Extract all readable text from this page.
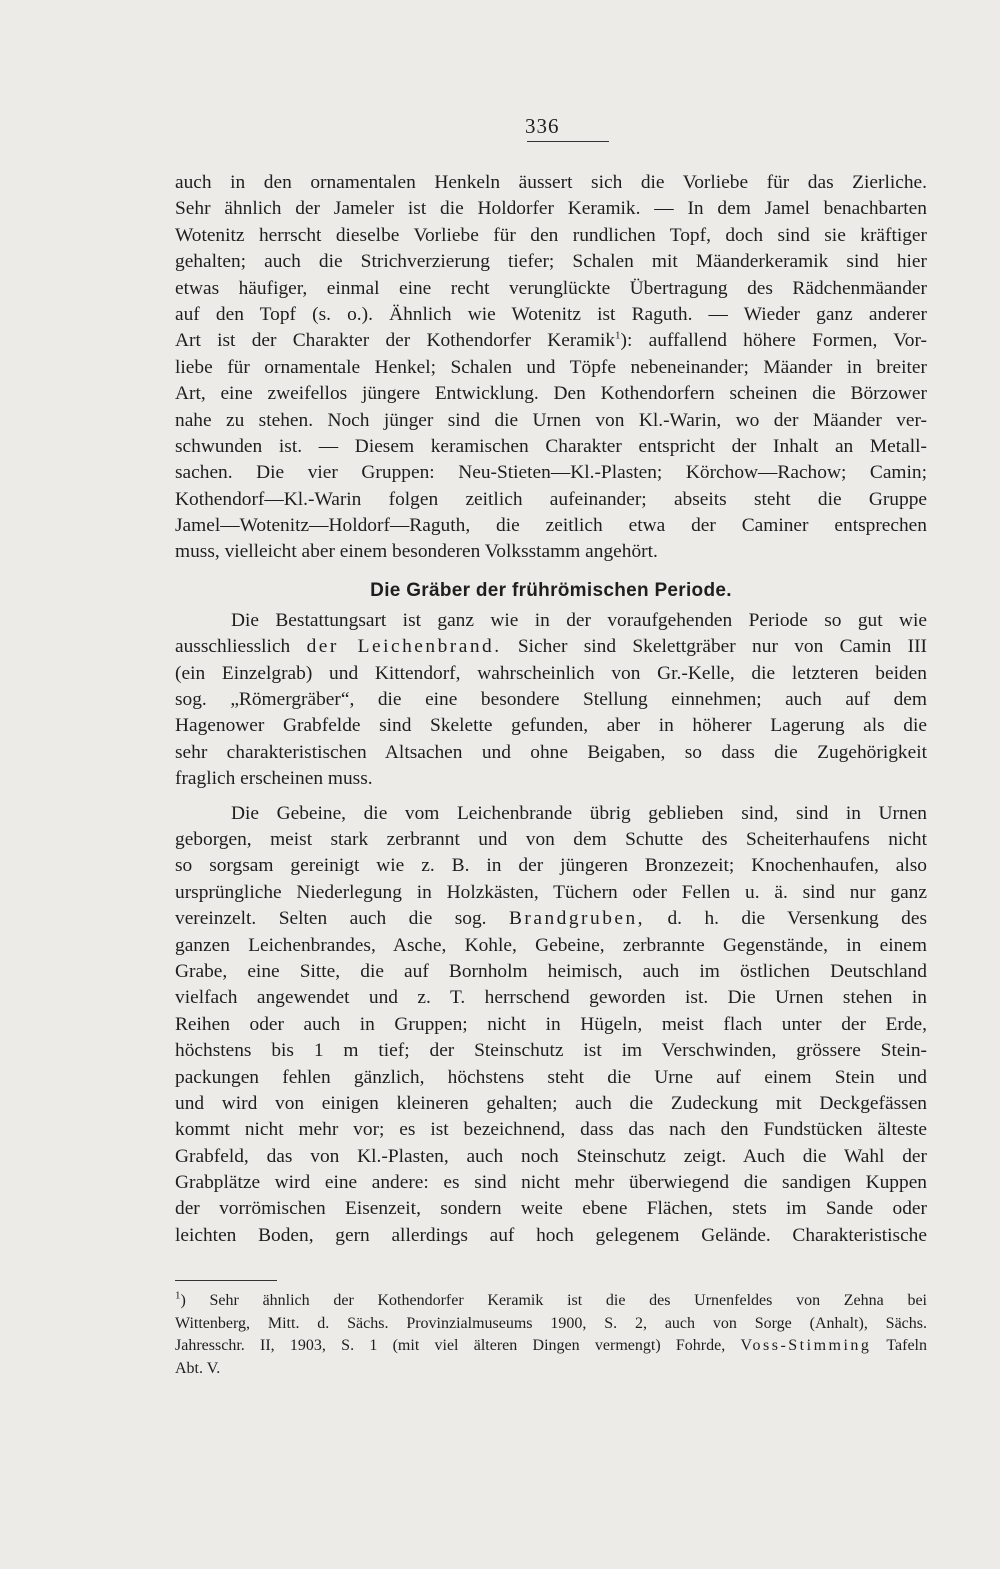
336
auch in den ornamentalen Henkeln äussert sich die Vorliebe für das Zierliche.
Sehr ähnlich der Jameler ist die Holdorfer Keramik. — In dem Jamel benachbarten
Wotenitz herrscht dieselbe Vorliebe für den rundlichen Topf, doch sind sie kräftiger
gehalten; auch die Strichverzierung tiefer; Schalen mit Mäanderkeramik sind hier
etwas häufiger, einmal eine recht verunglückte Übertragung des Rädchenmäander
auf den Topf (s. o.). Ähnlich wie Wotenitz ist Raguth. — Wieder ganz anderer
Art ist der Charakter der Kothendorfer Keramik$^1$): auffallend höhere Formen, Vor-
liebe für ornamentale Henkel; Schalen und Töpfe nebeneinander; Mäander in breiter
Art, eine zweifellos jüngere Entwicklung. Den Kothendorfern scheinen die Börzower
nahe zu stehen. Noch jünger sind die Urnen von Kl.-Warin, wo der Mäander ver-
schwunden ist. — Diesem keramischen Charakter entspricht der Inhalt an Metall-
sachen. Die vier Gruppen: Neu-Stieten—Kl.-Plasten; Körchow—Rachow; Camin;
Kothendorf—Kl.-Warin folgen zeitlich aufeinander; abseits steht die Gruppe
Jamel—Wotenitz—Holdorf—Raguth, die zeitlich etwa der Caminer entsprechen
muss, vielleicht aber einem besonderen Volksstamm angehört.
Die Gräber der frührömischen Periode.
Die Bestattungsart ist ganz wie in der voraufgehenden Periode so gut wie
ausschliesslich der Leichenbrand. Sicher sind Skelettgräber nur von Camin III
(ein Einzelgrab) und Kittendorf, wahrscheinlich von Gr.-Kelle, die letzteren beiden
sog. „Römergräber“, die eine besondere Stellung einnehmen; auch auf dem
Hagenower Grabfelde sind Skelette gefunden, aber in höherer Lagerung als die
sehr charakteristischen Altsachen und ohne Beigaben, so dass die Zugehörigkeit
fraglich erscheinen muss.
Die Gebeine, die vom Leichenbrande übrig geblieben sind, sind in Urnen
geborgen, meist stark zerbrannt und von dem Schutte des Scheiterhaufens nicht
so sorgsam gereinigt wie z. B. in der jüngeren Bronzezeit; Knochenhaufen, also
ursprüngliche Niederlegung in Holzkästen, Tüchern oder Fellen u. ä. sind nur ganz
vereinzelt. Selten auch die sog. Brandgruben, d. h. die Versenkung des
ganzen Leichenbrandes, Asche, Kohle, Gebeine, zerbrannte Gegenstände, in einem
Grabe, eine Sitte, die auf Bornholm heimisch, auch im östlichen Deutschland
vielfach angewendet und z. T. herrschend geworden ist. Die Urnen stehen in
Reihen oder auch in Gruppen; nicht in Hügeln, meist flach unter der Erde,
höchstens bis 1 m tief; der Steinschutz ist im Verschwinden, grössere Stein-
packungen fehlen gänzlich, höchstens steht die Urne auf einem Stein und
und wird von einigen kleineren gehalten; auch die Zudeckung mit Deckgefässen
kommt nicht mehr vor; es ist bezeichnend, dass das nach den Fundstücken älteste
Grabfeld, das von Kl.-Plasten, auch noch Steinschutz zeigt. Auch die Wahl der
Grabplätze wird eine andere: es sind nicht mehr überwiegend die sandigen Kuppen
der vorrömischen Eisenzeit, sondern weite ebene Flächen, stets im Sande oder
leichten Boden, gern allerdings auf hoch gelegenem Gelände. Charakteristische
$^1$) Sehr ähnlich der Kothendorfer Keramik ist die des Urnenfeldes von Zehna bei
Wittenberg, Mitt. d. Sächs. Provinzialmuseums 1900, S. 2, auch von Sorge (Anhalt), Sächs.
Jahresschr. II, 1903, S. 1 (mit viel älteren Dingen vermengt) Fohrde, Voss-Stimming Tafeln
Abt. V.
